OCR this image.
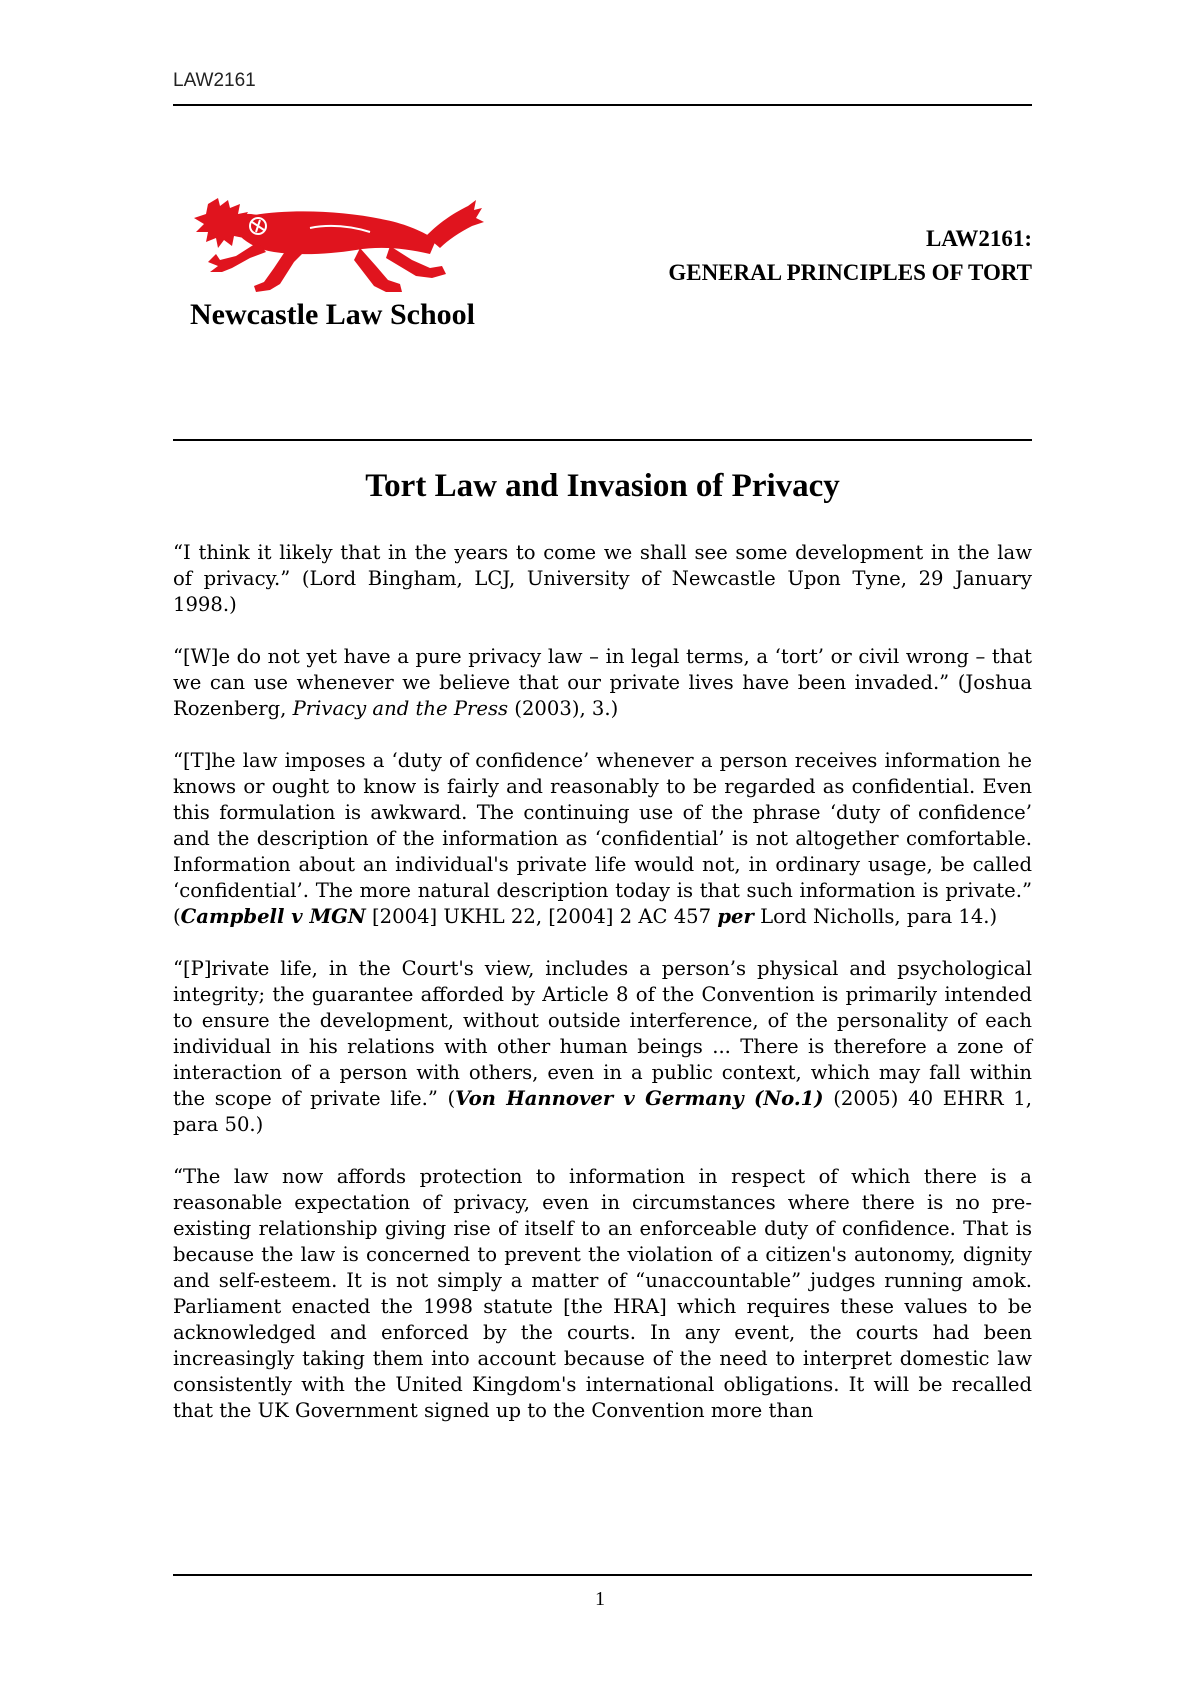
LAW2161
Newcastle Law School
LAW2161:
GENERAL PRINCIPLES OF TORT
Tort Law and Invasion of Privacy

“I think it likely that in the years to come we shall see some development in the law of privacy.” (Lord Bingham, LCJ, University of Newcastle Upon Tyne, 29 January 1998.)

“[W]e do not yet have a pure privacy law – in legal terms, a ‘tort’ or civil wrong – that we can use whenever we believe that our private lives have been invaded.” (Joshua Rozenberg, Privacy and the Press (2003), 3.)

“[T]he law imposes a ‘duty of confidence’ whenever a person receives information he knows or ought to know is fairly and reasonably to be regarded as confidential. Even this formulation is awkward. The continuing use of the phrase ‘duty of confidence’ and the description of the information as ‘confidential’ is not altogether comfortable. Information about an individual's private life would not, in ordinary usage, be called ‘confidential’. The more natural description today is that such information is private.” (Campbell v MGN [2004] UKHL 22, [2004] 2 AC 457 per Lord Nicholls, para 14.)

“[P]rivate life, in the Court's view, includes a person’s physical and psychological integrity; the guarantee afforded by Article 8 of the Convention is primarily intended to ensure the development, without outside interference, of the personality of each individual in his relations with other human beings ... There is therefore a zone of interaction of a person with others, even in a public context, which may fall within the scope of private life.” (Von Hannover v Germany (No.1) (2005) 40 EHRR 1, para 50.)

“The law now affords protection to information in respect of which there is a reasonable expectation of privacy, even in circumstances where there is no pre-existing relationship giving rise of itself to an enforceable duty of confidence. That is because the law is concerned to prevent the violation of a citizen's autonomy, dignity and self-esteem. It is not simply a matter of “unaccountable” judges running amok. Parliament enacted the 1998 statute [the HRA] which requires these values to be acknowledged and enforced by the courts. In any event, the courts had been increasingly taking them into account because of the need to interpret domestic law consistently with the United Kingdom's international obligations. It will be recalled that the UK Government signed up to the Convention more than

1
